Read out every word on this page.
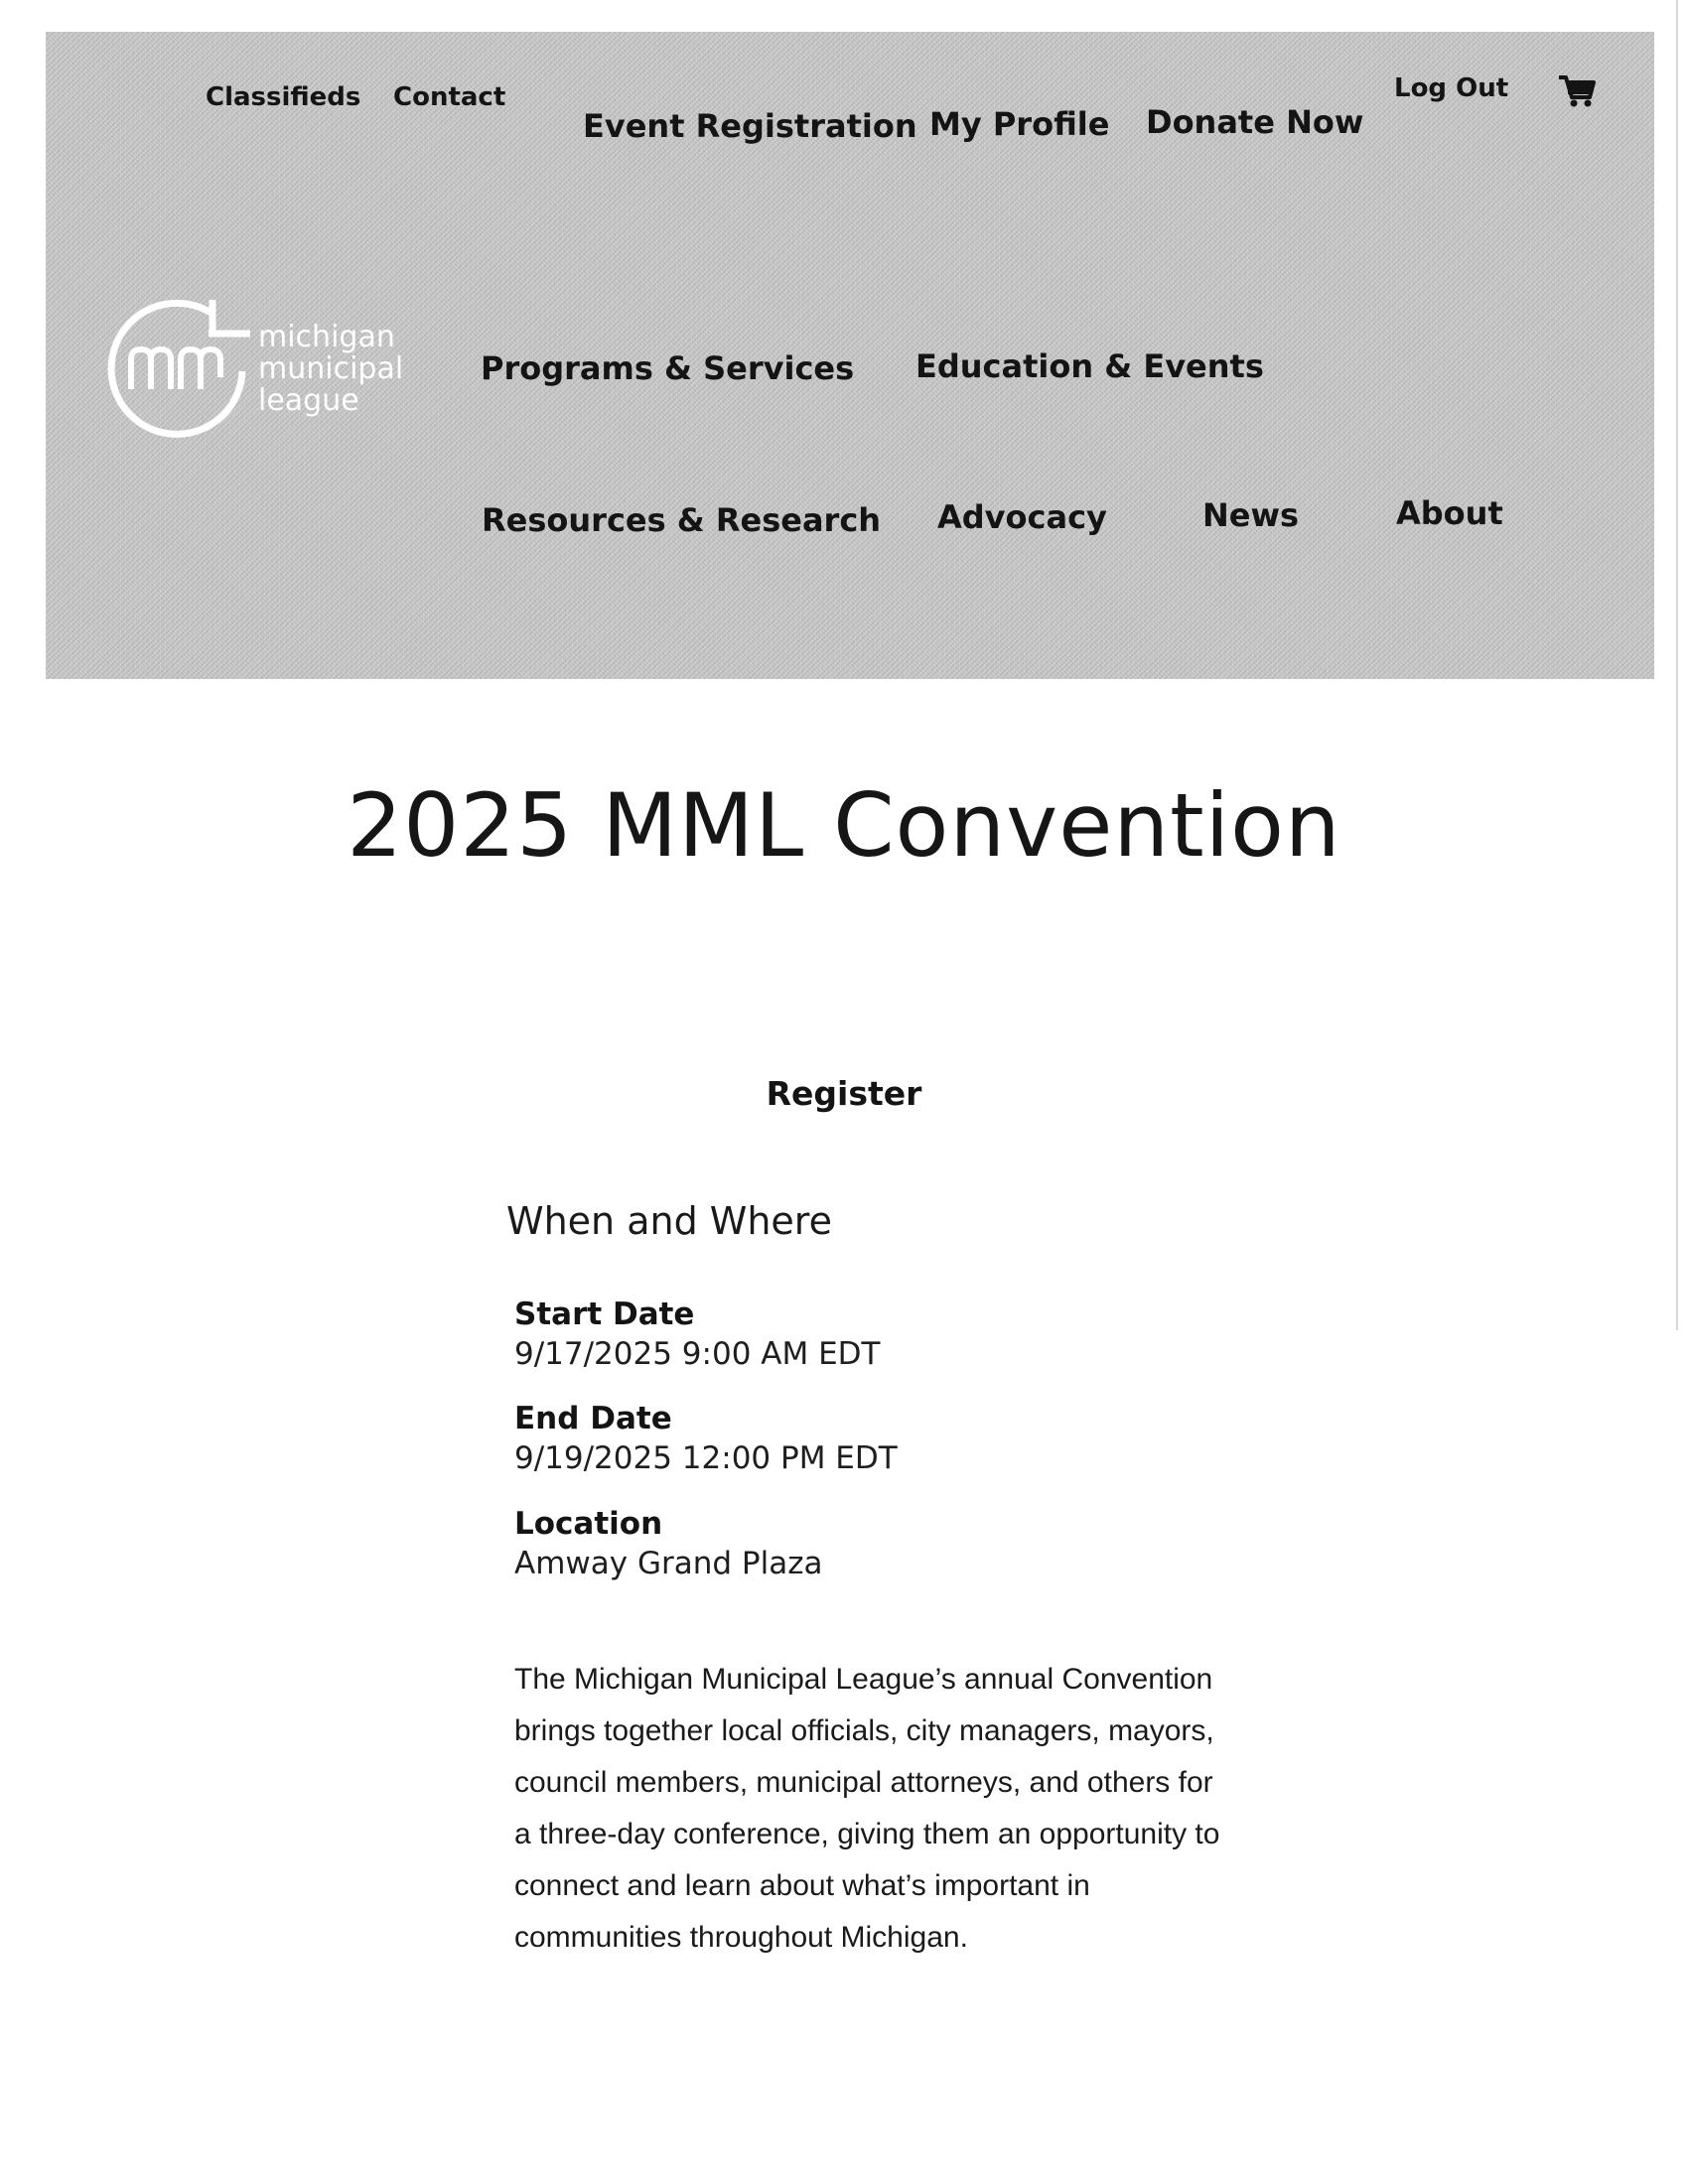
Classifieds Contact	Log Out
Event Registration My Profile Donate Now
michigan
municipal
league
Programs & Services Education & Events
Resources & Research Advocacy	News	About
2025 MML Convention
Register
When and Where
Start Date
9/17/2025 9:00 AM EDT
End Date
9/19/2025 12:00 PM EDT
Location
Amway Grand Plaza

The Michigan Municipal League’s annual Convention brings together local officials, city managers, mayors, council members, municipal attorneys, and others for a three-day conference, giving them an opportunity to connect and learn about what’s important in communities throughout Michigan.
